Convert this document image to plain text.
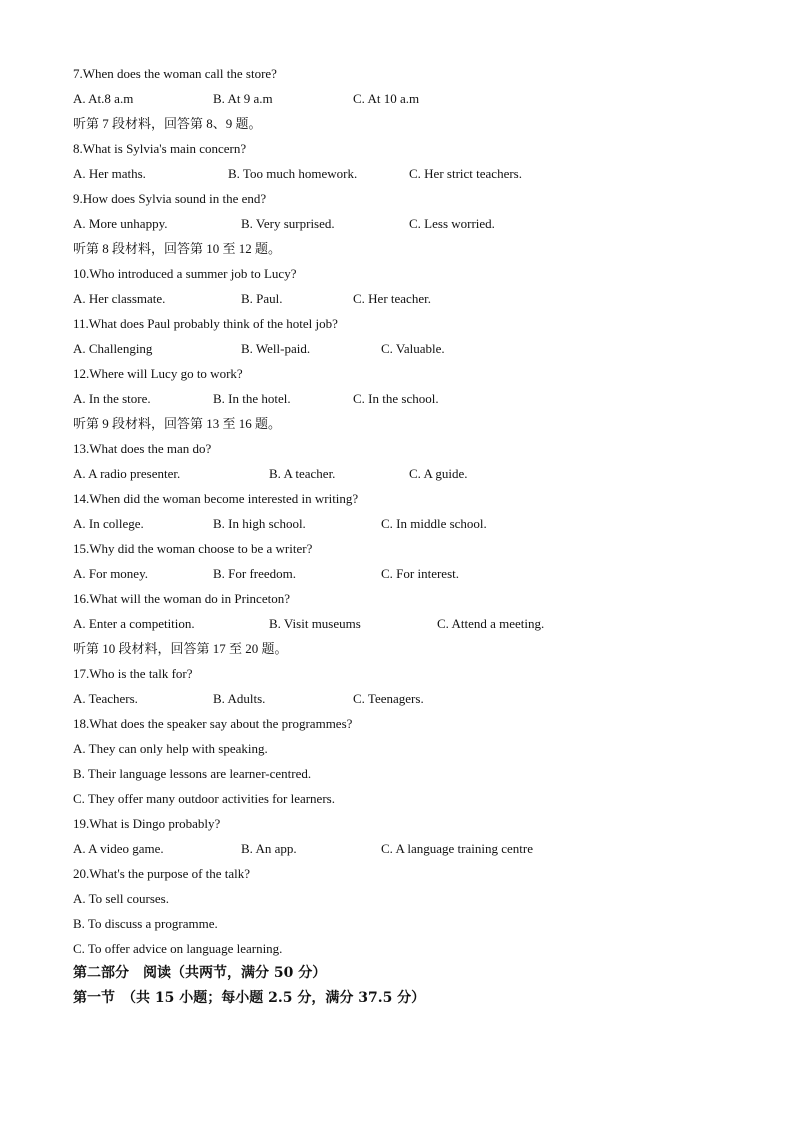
7.When does the woman call the store?
A. At.8 a.m	B. At 9 a.m	C. At 10 a.m
听第 7 段材料，回答第 8、9 题。
8.What is Sylvia's main concern?
A. Her maths.	B. Too much homework.	C. Her strict teachers.
9.How does Sylvia sound in the end?
A. More unhappy.	B. Very surprised.	C. Less worried.
听第 8 段材料，回答第 10 至 12 题。
10.Who introduced a summer job to Lucy?
A. Her classmate.	B. Paul.	C. Her teacher.
11.What does Paul probably think of the hotel job?
A. Challenging	B. Well-paid.	C. Valuable.
12.Where will Lucy go to work?
A. In the store.	B. In the hotel.	C. In the school.
听第 9 段材料，回答第 13 至 16 题。
13.What does the man do?
A. A radio presenter.	B. A teacher.	C. A guide.
14.When did the woman become interested in writing?
A. In college.	B. In high school.	C. In middle school.
15.Why did the woman choose to be a writer?
A. For money.	B. For freedom.	C. For interest.
16.What will the woman do in Princeton?
A. Enter a competition.	B. Visit museums	C. Attend a meeting.
听第 10 段材料，回答第 17 至 20 题。
17.Who is the talk for?
A. Teachers.	B. Adults.	C. Teenagers.
18.What does the speaker say about the programmes?
A. They can only help with speaking.
B. Their language lessons are learner-centred.
C. They offer many outdoor activities for learners.
19.What is Dingo probably?
A. A video game.	B. An app.	C. A language training centre
20.What's the purpose of the talk?
A. To sell courses.
B. To discuss a programme.
C. To offer advice on language learning.
第二部分　阅读（共两节，满分 50 分）
第一节　（共 15 小题；每小题 2.5 分，满分 37.5 分）
